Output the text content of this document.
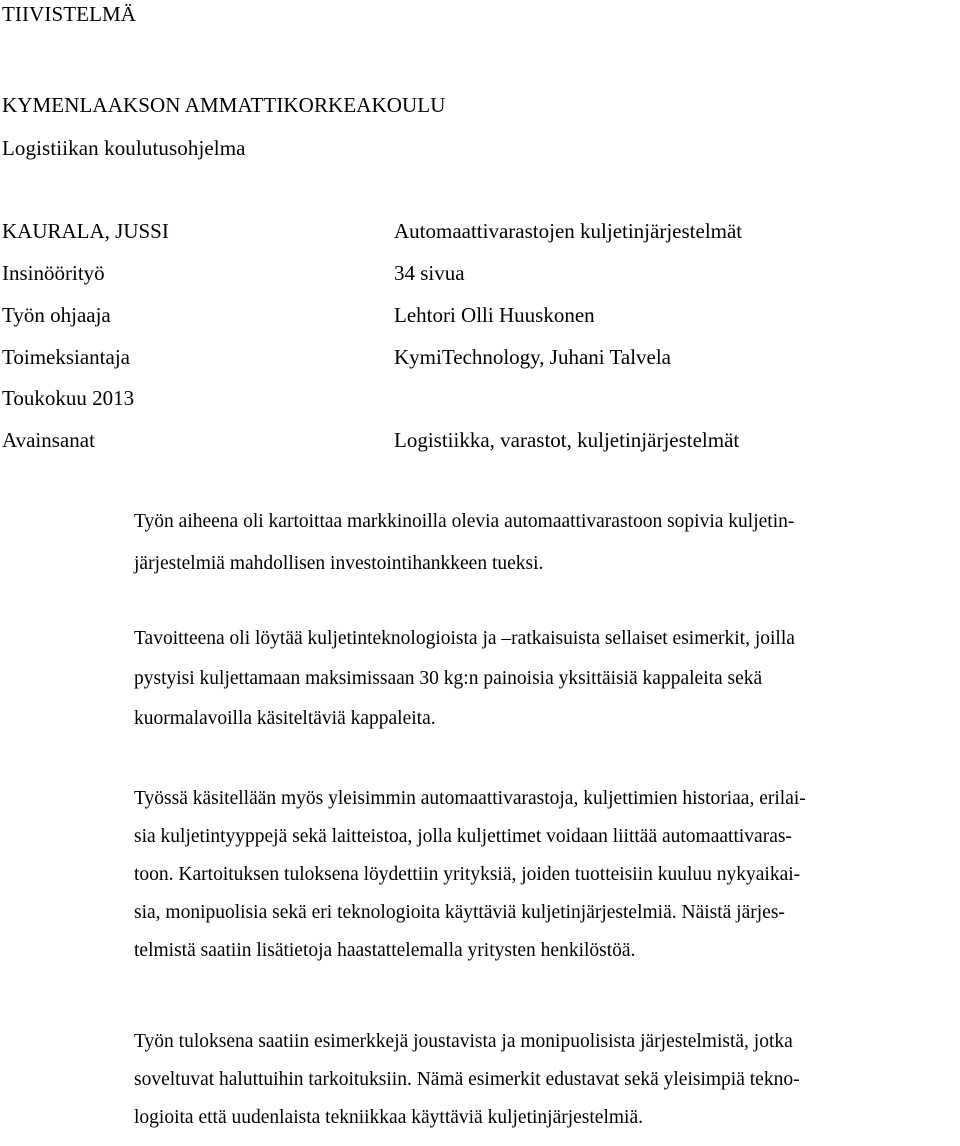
TIIVISTELMÄ
KYMENLAAKSON AMMATTIKORKEAKOULU
Logistiikan koulutusohjelma
KAURALA, JUSSI	Automaattivarastojen kuljetinjärjestelmät
Insinöörityö	34 sivua
Työn ohjaaja	Lehtori Olli Huuskonen
Toimeksiantaja	KymiTechnology, Juhani Talvela
Toukokuu 2013
Avainsanat	Logistiikka, varastot, kuljetinjärjestelmät

Työn aiheena oli kartoittaa markkinoilla olevia automaattivarastoon sopivia kuljetin-
järjestelmiä mahdollisen investointihankkeen tueksi.

Tavoitteena oli löytää kuljetinteknologioista ja –ratkaisuista sellaiset esimerkit, joilla
pystyisi kuljettamaan maksimissaan 30 kg:n painoisia yksittäisiä kappaleita sekä
kuormalavoilla käsiteltäviä kappaleita.

Työssä käsitellään myös yleisimmin automaattivarastoja, kuljettimien historiaa, erilai-
sia kuljetintyyppejä sekä laitteistoa, jolla kuljettimet voidaan liittää automaattivaras-
toon. Kartoituksen tuloksena löydettiin yrityksiä, joiden tuotteisiin kuuluu nykyaikai-
sia, monipuolisia sekä eri teknologioita käyttäviä kuljetinjärjestelmiä. Näistä järjes-
telmistä saatiin lisätietoja haastattelemalla yritysten henkilöstöä.

Työn tuloksena saatiin esimerkkejä joustavista ja monipuolisista järjestelmistä, jotka
soveltuvat haluttuihin tarkoituksiin. Nämä esimerkit edustavat sekä yleisimpiä tekno-
logioita että uudenlaista tekniikkaa käyttäviä kuljetinjärjestelmiä.
